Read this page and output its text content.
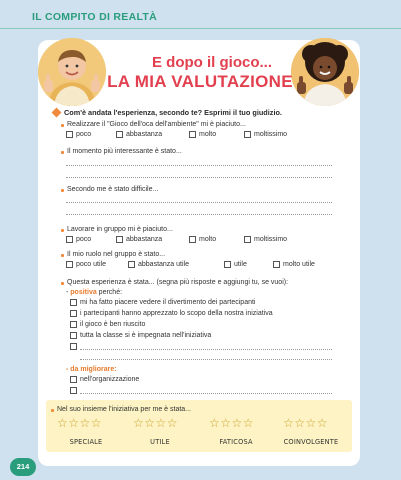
IL COMPITO DI REALTÀ
E dopo il gioco...
LA MIA VALUTAZIONE
Com'è andata l'esperienza, secondo te? Esprimi il tuo giudizio.
Realizzare il "Gioco dell'oca dell'ambiente" mi è piaciuto...
poco	abbastanza	molto	moltissimo
Il momento più interessante è stato...
Secondo me è stato difficile...
Lavorare in gruppo mi è piaciuto...
poco	abbastanza	molto	moltissimo
Il mio ruolo nel gruppo è stato...
poco utile	abbastanza utile	utile	molto utile
Questa esperienza è stata... (segna più risposte e aggiungi tu, se vuoi):
- positiva perché:
mi ha fatto piacere vedere il divertimento dei partecipanti
i partecipanti hanno apprezzato lo scopo della nostra iniziativa
il gioco è ben riuscito
tutta la classe si è impegnata nell'iniziativa
- da migliorare:
nell'organizzazione
Nel suo insieme l'iniziativa per me è stata...
☆☆☆☆	☆☆☆☆	☆☆☆☆ ☆☆☆☆
SPECIALE	UTILE	FATICOSA	COINVOLGENTE
214
